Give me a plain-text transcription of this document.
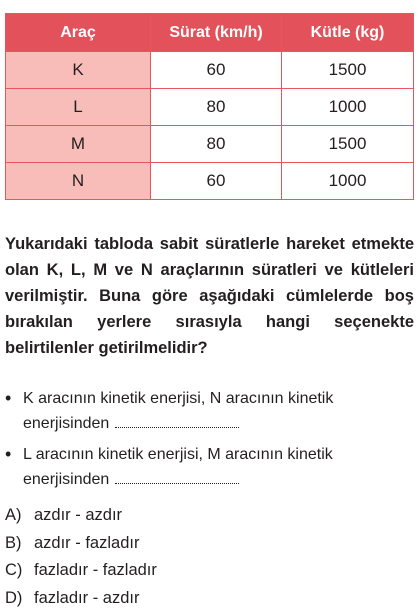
Araç	Sürat (km/h)	Kütle (kg)
K	60	1500
L	80	1000
M	80	1500
N	60	1000

Yukarıdaki tabloda sabit süratlerle hareket etmekte olan K, L, M ve N araçlarının süratleri ve kütleleri verilmiştir. Buna göre aşağıdaki cümlelerde boş bırakılan yerlere sırasıyla hangi seçenekte belirtilenler getirilmelidir?

• K aracının kinetik enerjisi, N aracının kinetik enerjisinden
• L aracının kinetik enerjisi, M aracının kinetik enerjisinden
A) azdır - azdır
B) azdır - fazladır
C) fazladır - fazladır
D) fazladır - azdır
